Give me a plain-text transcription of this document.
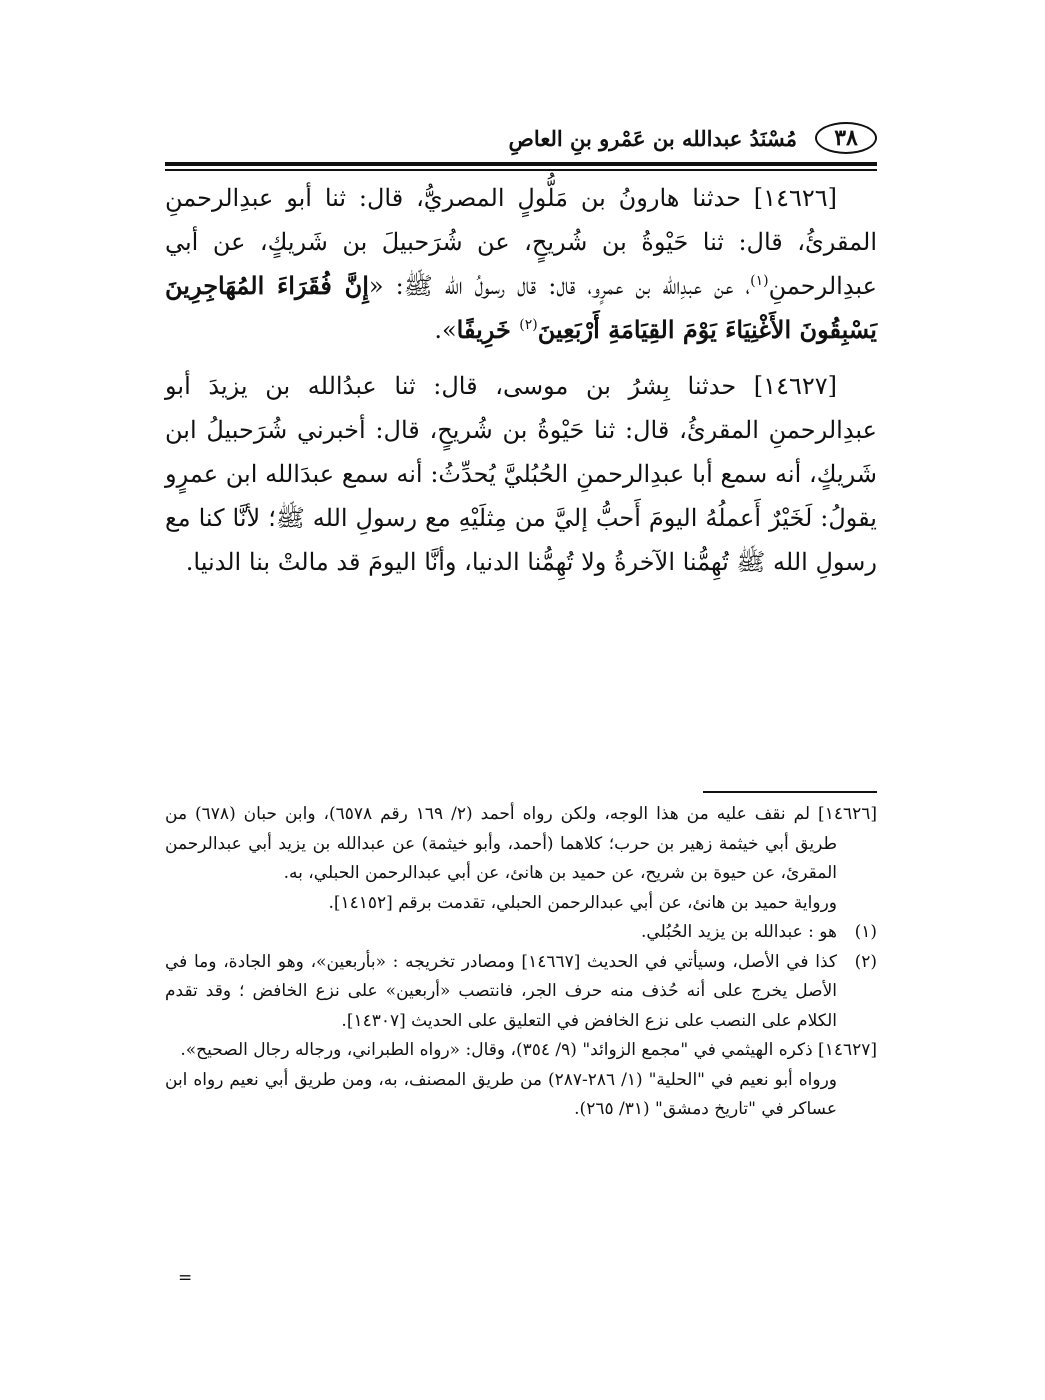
٣٨
مُسْنَدُ عبدالله بن عَمْرو بنِ العاصِ

[١٤٦٢٦] حدثنا هارونُ بن مَلُّولٍ المصريُّ، قال: ثنا أبو عبدِالرحمنِ المقرئُ، قال: ثنا حَيْوةُ بن شُريحٍ، عن شُرَحبيلَ بن شَريكٍ، عن أبي عبدِالرحمنِ$^{(١)}$، عن عبدِالله بن عمرٍو، قال: قال رسولُ الله ﷺ: «إِنَّ فُقَرَاءَ المُهَاجِرِينَ يَسْبِقُونَ الأَغْنِيَاءَ يَوْمَ القِيَامَةِ أَرْبَعِينَ$^{(٢)}$ خَرِيفًا».

[١٤٦٢٧] حدثنا بِشرُ بن موسى، قال: ثنا عبدُالله بن يزيدَ أبو عبدِالرحمنِ المقرئُ، قال: ثنا حَيْوةُ بن شُريحٍ، قال: أخبرني شُرَحبيلُ ابن شَريكٍ، أنه سمع أبا عبدِالرحمنِ الحُبُليَّ يُحدِّثُ: أنه سمع عبدَالله ابن عمرٍو يقولُ: لَخَيْرٌ أَعملُهُ اليومَ أَحبُّ إليَّ من مِثلَيْهِ مع رسولِ الله ﷺ؛ لأنَّا كنا مع رسولِ الله ﷺ تُهِمُّنا الآخرةُ ولا تُهِمُّنا الدنيا، وأنَّا اليومَ قد مالتْ بنا الدنيا.

[١٤٦٢٦] لم نقف عليه من هذا الوجه، ولكن رواه أحمد (٢/ ١٦٩ رقم ٦٥٧٨)، وابن حبان (٦٧٨) من طريق أبي خيثمة زهير بن حرب؛ كلاهما (أحمد، وأبو خيثمة) عن عبدالله بن يزيد أبي عبدالرحمن المقرئ، عن حيوة بن شريح، عن حميد بن هانئ، عن أبي عبدالرحمن الحبلي، به.

ورواية حميد بن هانئ، عن أبي عبدالرحمن الحبلي، تقدمت برقم [١٤١٥٢].

(١)
هو : عبدالله بن يزيد الحُبُلي.
(٢)
كذا في الأصل، وسيأتي في الحديث [١٤٦٦٧] ومصادر تخريجه : «بأربعين»، وهو الجادة، وما في الأصل يخرج على أنه حُذف منه حرف الجر، فانتصب «أربعين» على نزع الخافض ؛ وقد تقدم الكلام على النصب على نزع الخافض في التعليق على الحديث [١٤٣٠٧].

[١٤٦٢٧] ذكره الهيثمي في "مجمع الزوائد" (٩/ ٣٥٤)، وقال: «رواه الطبراني، ورجاله رجال الصحيح».

ورواه أبو نعيم في "الحلية" (١/ ٢٨٦-٢٨٧) من طريق المصنف، به، ومن طريق أبي نعيم رواه ابن عساكر في "تاريخ دمشق" (٣١/ ٢٦٥).

=
